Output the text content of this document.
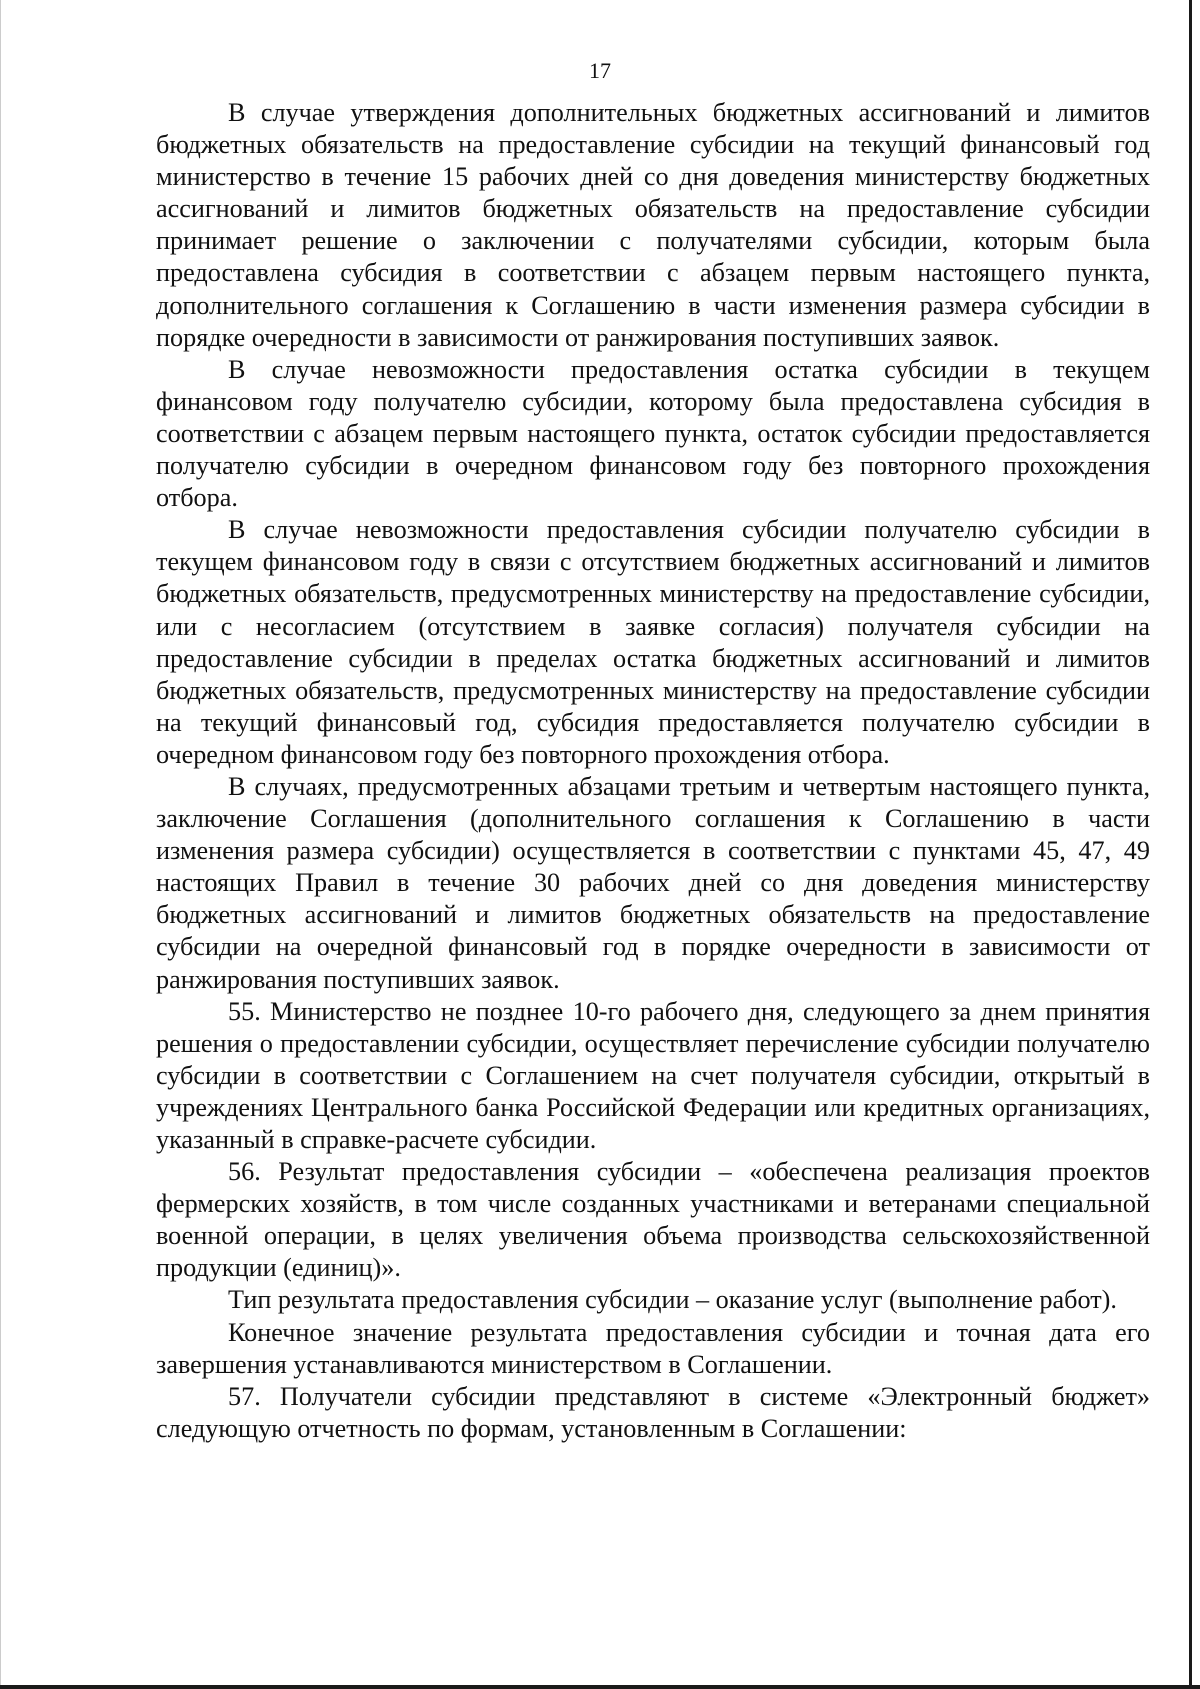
17

В случае утверждения дополнительных бюджетных ассигнований и лимитов бюджетных обязательств на предоставление субсидии на текущий финансовый год министерство в течение 15 рабочих дней со дня доведения министерству бюджетных ассигнований и лимитов бюджетных обязательств на предоставление субсидии принимает решение о заключении с получателями субсидии, которым была предоставлена субсидия в соответствии с абзацем первым настоящего пункта, дополнительного соглашения к Соглашению в части изменения размера субсидии в порядке очередности в зависимости от ранжирования поступивших заявок.

В случае невозможности предоставления остатка субсидии в текущем финансовом году получателю субсидии, которому была предоставлена субсидия в соответствии с абзацем первым настоящего пункта, остаток субсидии предоставляется получателю субсидии в очередном финансовом году без повторного прохождения отбора.

В случае невозможности предоставления субсидии получателю субсидии в текущем финансовом году в связи с отсутствием бюджетных ассигнований и лимитов бюджетных обязательств, предусмотренных министерству на предоставление субсидии, или с несогласием (отсутствием в заявке согласия) получателя субсидии на предоставление субсидии в пределах остатка бюджетных ассигнований и лимитов бюджетных обязательств, предусмотренных министерству на предоставление субсидии на текущий финансовый год, субсидия предоставляется получателю субсидии в очередном финансовом году без повторного прохождения отбора.

В случаях, предусмотренных абзацами третьим и четвертым настоящего пункта, заключение Соглашения (дополнительного соглашения к Соглашению в части изменения размера субсидии) осуществляется в соответствии с пунктами 45, 47, 49 настоящих Правил в течение 30 рабочих дней со дня доведения министерству бюджетных ассигнований и лимитов бюджетных обязательств на предоставление субсидии на очередной финансовый год в порядке очередности в зависимости от ранжирования поступивших заявок.

55. Министерство не позднее 10-го рабочего дня, следующего за днем принятия решения о предоставлении субсидии, осуществляет перечисление субсидии получателю субсидии в соответствии с Соглашением на счет получателя субсидии, открытый в учреждениях Центрального банка Российской Федерации или кредитных организациях, указанный в справке-расчете субсидии.

56. Результат предоставления субсидии – «обеспечена реализация проектов фермерских хозяйств, в том числе созданных участниками и ветеранами специальной военной операции, в целях увеличения объема производства сельскохозяйственной продукции (единиц)».

Тип результата предоставления субсидии – оказание услуг (выполнение работ).

Конечное значение результата предоставления субсидии и точная дата его завершения устанавливаются министерством в Соглашении.

57. Получатели субсидии представляют в системе «Электронный бюджет» следующую отчетность по формам, установленным в Соглашении:
